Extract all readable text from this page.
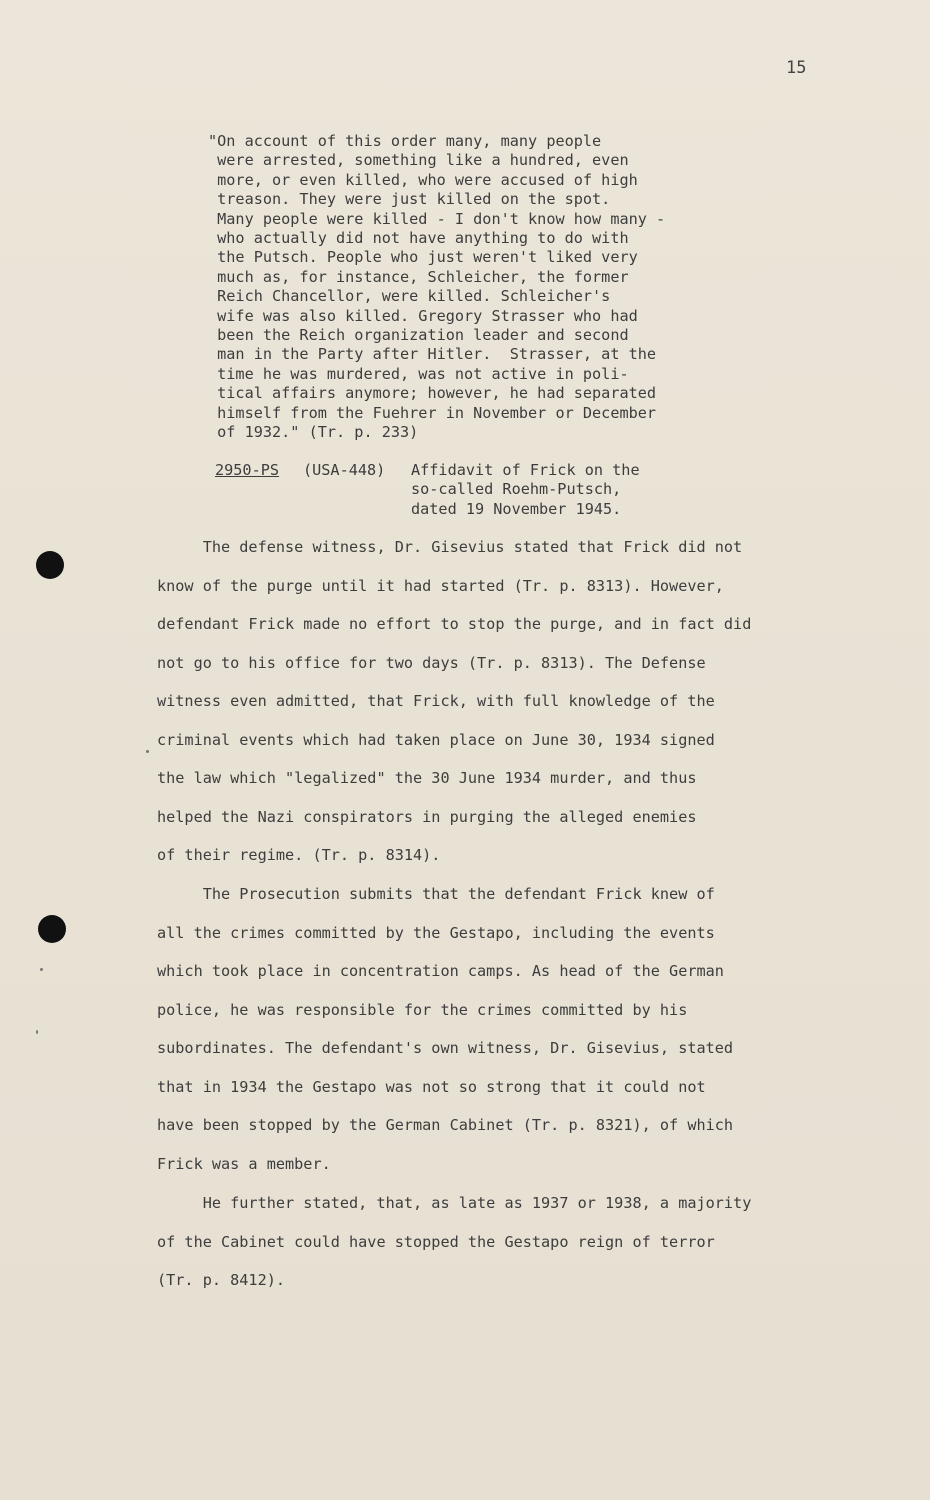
15
"On account of this order many, many people
were arrested, something like a hundred, even
more, or even killed, who were accused of high
treason. They were just killed on the spot.
Many people were killed - I don't know how many -
who actually did not have anything to do with
the Putsch. People who just weren't liked very
much as, for instance, Schleicher, the former
Reich Chancellor, were killed. Schleicher's
wife was also killed. Gregory Strasser who had
been the Reich organization leader and second
man in the Party after Hitler.  Strasser, at the
time he was murdered, was not active in poli-
tical affairs anymore; however, he had separated
himself from the Fuehrer in November or December
of 1932." (Tr. p. 233)
2950-PS (USA-448) Affidavit of Frick on the
so-called Roehm-Putsch,
dated 19 November 1945.
The defense witness, Dr. Gisevius stated that Frick did not
know of the purge until it had started (Tr. p. 8313). However,
defendant Frick made no effort to stop the purge, and in fact did
not go to his office for two days (Tr. p. 8313). The Defense
witness even admitted, that Frick, with full knowledge of the
criminal events which had taken place on June 30, 1934 signed
the law which "legalized" the 30 June 1934 murder, and thus
helped the Nazi conspirators in purging the alleged enemies
of their regime. (Tr. p. 8314).
The Prosecution submits that the defendant Frick knew of
all the crimes committed by the Gestapo, including the events
which took place in concentration camps. As head of the German
police, he was responsible for the crimes committed by his
subordinates. The defendant's own witness, Dr. Gisevius, stated
that in 1934 the Gestapo was not so strong that it could not
have been stopped by the German Cabinet (Tr. p. 8321), of which
Frick was a member.
He further stated, that, as late as 1937 or 1938, a majority
of the Cabinet could have stopped the Gestapo reign of terror
(Tr. p. 8412).
